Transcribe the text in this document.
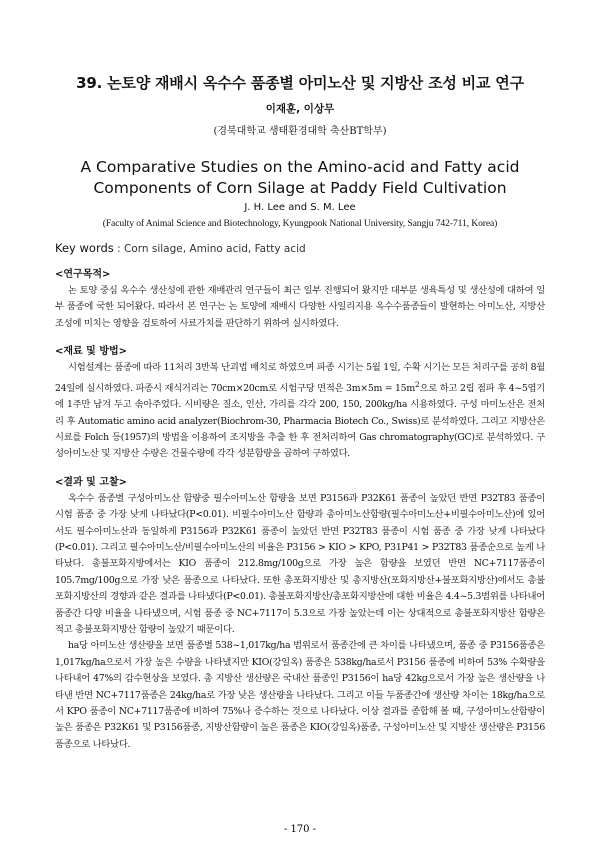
39. 논토양 재배시 옥수수 품종별 아미노산 및 지방산 조성 비교 연구

이재훈, 이상무

(경북대학교 생태환경대학 축산BT학부)

A Comparative Studies on the Amino-acid and Fatty acid
Components of Corn Silage at Paddy Field Cultivation

J. H. Lee and S. M. Lee

(Faculty of Animal Science and Biotechnology, Kyungpook National University, Sangju 742-711, Korea)

Key words : Corn silage, Amino acid, Fatty acid

<연구목적>

논 토양 중심 옥수수 생산성에 관한 재배관리 연구들이 최근 일부 진행되어 왔지만 대부분 생육특성 및 생산성에 대하여 일부 품종에 국한 되어왔다. 따라서 본 연구는 논 토양에 재배시 다양한 사일리지용 옥수수품종들이 발현하는 아미노산, 지방산 조성에 미치는 영향을 검토하여 사료가치를 판단하기 위하여 실시하였다.

<재료 및 방법>

시험설계는 품종에 따라 11처리 3반복 난괴법 배치로 하였으며 파종 시기는 5월 1일, 수확 시기는 모든 처리구를 공히 8월 24일에 실시하였다. 파종시 재식거리는 70cm×20cm로 시험구당 면적은 $3m\times 5m = 15m^2$으로 하고 2립 점파 후 4~5엽기에 1주만 남겨 두고 솎아주었다. 시비량은 질소, 인산, 가리를 각각 200, 150, 200kg/ha 시용하였다. 구성 마미노산은 전처리 후 Automatic amino acid analyzer(Biochrom-30, Pharmacia Biotech Co., Swiss)로 분석하였다. 그리고 지방산은 시료를 Folch 등(1957)의 방법을 이용하여 조지방을 추출 한 후 전처리하여 Gas chromatography(GC)로 분석하였다. 구성아미노산 및 지방산 수량은 건물수량에 각각 성분함량을 곱하여 구하였다.

<결과 및 고찰>

옥수수 품종별 구성아미노산 함량중 필수아미노산 함량을 보면 P3156과 P32K61 품종이 높았던 반면 P32T83 품종이 시험 품종 중 가장 낮게 나타났다(P<0.01). 비필수아미노산 함량과 총아미노산함량(필수아미노산+비필수아미노산)에 있어서도 필수아미노산과 동일하게 P3156과 P32K61 품종이 높았던 반면 P32T83 품종이 시험 품종 중 가장 낮게 나타났다(P<0.01). 그리고 필수아미노산/비필수아미노산의 비율은 P3156 > KIO > KPO, P31P41 > P32T83 품종순으로 높게 나타났다. 총불포화지방에서는 KIO 품종이 212.8mg/100g으로 가장 높은 함량을 보였던 반면 NC+7117품종이 105.7mg/100g으로 가장 낮은 품종으로 나타났다. 또한 총포화지방산 및 총지방산(포화지방산+불포화지방산)에서도 총불포화지방산의 경향과 같은 결과를 나타냈다(P<0.01). 총불포화지방산/총포화지방산에 대한 비율은 4.4~5.3범위를 나타내어 품종간 다양 비율을 나타냈으며, 시험 품종 중 NC+7117이 5.3으로 가장 높았는데 이는 상대적으로 총불포화지방산 함량은 적고 총불포화지방산 함량이 높았기 때문이다.

ha당 아미노산 생산량을 보면 품종별 538~1,017kg/ha 범위로서 품종간에 큰 차이를 나타냈으며, 품종 중 P3156품종은 1,017kg/ha으로서 가장 높은 수량을 나타냈지만 KIO(강일옥) 품종은 538kg/ha로서 P3156 품종에 비하여 53% 수확량을 나타내어 47%의 감수현상을 보였다. 총 지방산 생산량은 국내산 품종인 P3156이 ha당 42kg으로서 가장 높은 생산량을 나타낸 반면 NC+7117품종은 24kg/ha로 가장 낮은 생산량을 나타났다. 그리고 이들 두품종간에 생산량 차이는 18kg/ha으로서 KPO 품종이 NC+7117품종에 비하여 75%나 증수하는 것으로 나타났다. 이상 결과를 종합해 볼 때, 구성아미노산함량이 높은 품종은 P32K61 및 P3156품종, 지방산함량이 높은 품종은 KIO(강일옥)품종, 구성아미노산 및 지방산 생산량은 P3156품종으로 나타났다.

- 170 -
